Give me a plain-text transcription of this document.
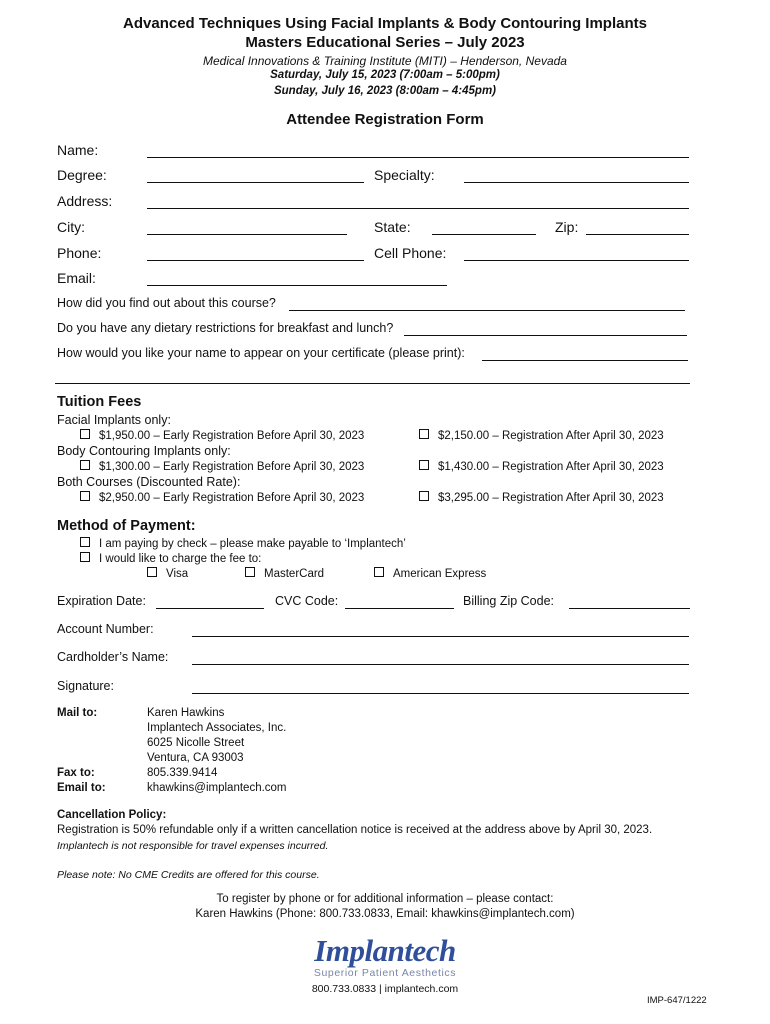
Advanced Techniques Using Facial Implants & Body Contouring Implants
Masters Educational Series – July 2023
Medical Innovations & Training Institute (MITI) – Henderson, Nevada
Saturday, July 15, 2023 (7:00am – 5:00pm)
Sunday, July 16, 2023 (8:00am – 4:45pm)
Attendee Registration Form
Name:
Degree:	Specialty:
Address:
City:	State:	Zip:
Phone:	Cell Phone:
Email:
How did you find out about this course?
Do you have any dietary restrictions for breakfast and lunch?
How would you like your name to appear on your certificate (please print):
Tuition Fees
Facial Implants only:
$1,950.00 – Early Registration Before April 30, 2023	$2,150.00 – Registration After April 30, 2023
Body Contouring Implants only:
$1,300.00 – Early Registration Before April 30, 2023	$1,430.00 – Registration After April 30, 2023
Both Courses (Discounted Rate):
$2,950.00 – Early Registration Before April 30, 2023	$3,295.00 – Registration After April 30, 2023
Method of Payment:
I am paying by check – please make payable to ‘Implantech’
I would like to charge the fee to:
Visa	MasterCard	American Express
Expiration Date:	CVC Code:	Billing Zip Code:
Account Number:
Cardholder’s Name:
Signature:
Mail to:	Karen Hawkins
Implantech Associates, Inc.
6025 Nicolle Street
Ventura, CA 93003
Fax to:	805.339.9414
Email to:	khawkins@implantech.com
Cancellation Policy:
Registration is 50% refundable only if a written cancellation notice is received at the address above by April 30, 2023.
Implantech is not responsible for travel expenses incurred.
Please note: No CME Credits are offered for this course.
To register by phone or for additional information – please contact:
Karen Hawkins (Phone: 800.733.0833, Email: khawkins@implantech.com)
Implantech
Superior Patient Aesthetics
800.733.0833 | implantech.com
IMP-647/1222
